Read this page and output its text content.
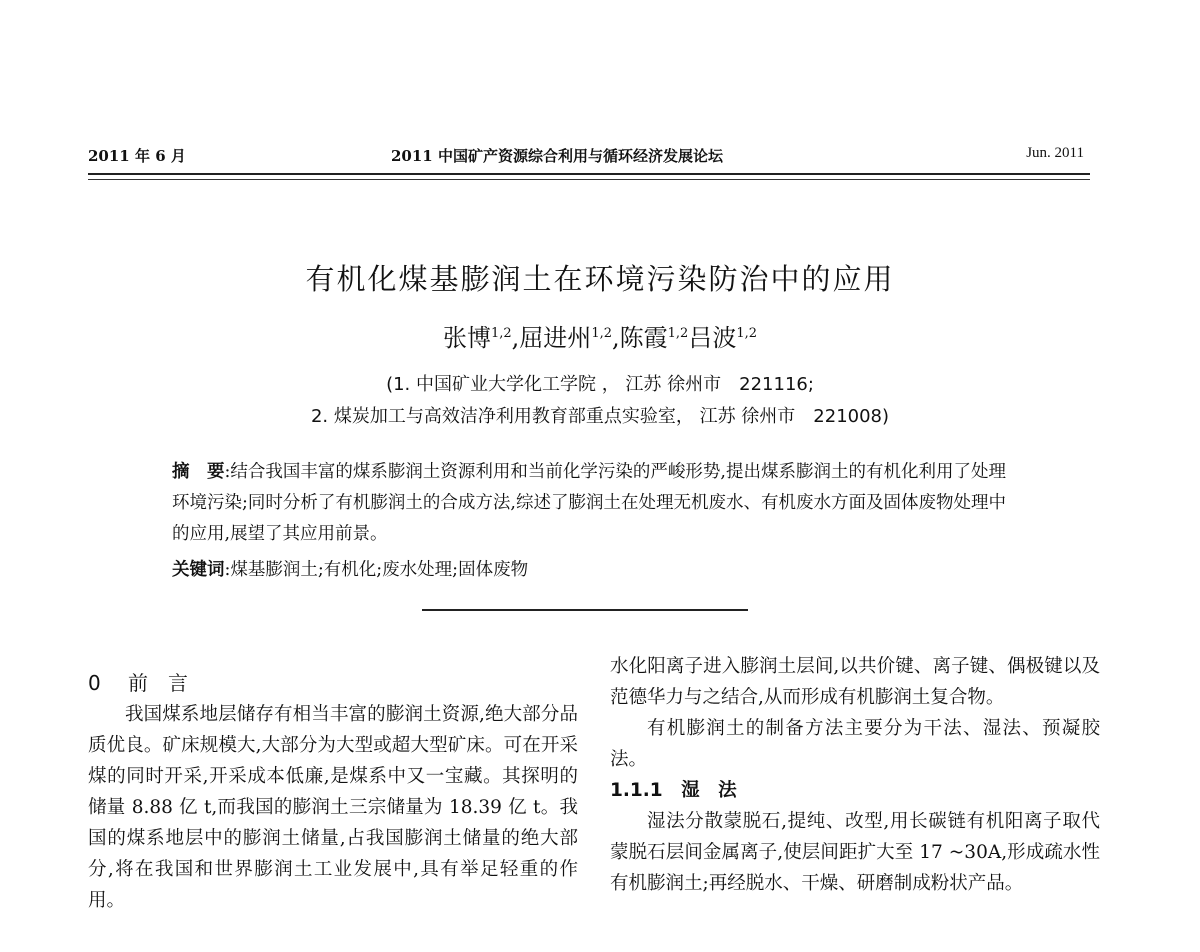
2011 年 6 月	2011 中国矿产资源综合利用与循环经济发展论坛	Jun. 2011
有机化煤基膨润土在环境污染防治中的应用
张博$^{1,2}$,屈进州$^{1,2}$,陈霞$^{1,2}$吕波$^{1,2}$
(1. 中国矿业大学化工学院 ， 江苏 徐州市　221116;
2. 煤炭加工与高效洁净利用教育部重点实验室， 江苏 徐州市　221008)
摘　要:结合我国丰富的煤系膨润土资源利用和当前化学污染的严峻形势,提出煤系膨润土的有机化利用了处理环境污染;同时分析了有机膨润土的合成方法,综述了膨润土在处理无机废水、有机废水方面及固体废物处理中的应用,展望了其应用前景。
关键词:煤基膨润土;有机化;废水处理;固体废物
0 前 言

我国煤系地层储存有相当丰富的膨润土资源,绝大部分品质优良。矿床规模大,大部分为大型或超大型矿床。可在开采煤的同时开采,开采成本低廉,是煤系中又一宝藏。其探明的储量 8.88 亿 t,而我国的膨润土三宗储量为 18.39 亿 t。我国的煤系地层中的膨润土储量,占我国膨润土储量的绝大部分,将在我国和世界膨润土工业发展中,具有举足轻重的作用。

水化阳离子进入膨润土层间,以共价键、离子键、偶极键以及范德华力与之结合,从而形成有机膨润土复合物。

有机膨润土的制备方法主要分为干法、湿法、预凝胶法。

1.1.1　湿　法

湿法分散蒙脱石,提纯、改型,用长碳链有机阳离子取代蒙脱石层间金属离子,使层间距扩大至 17 ~30A,形成疏水性有机膨润土;再经脱水、干燥、研磨制成粉状产品。
